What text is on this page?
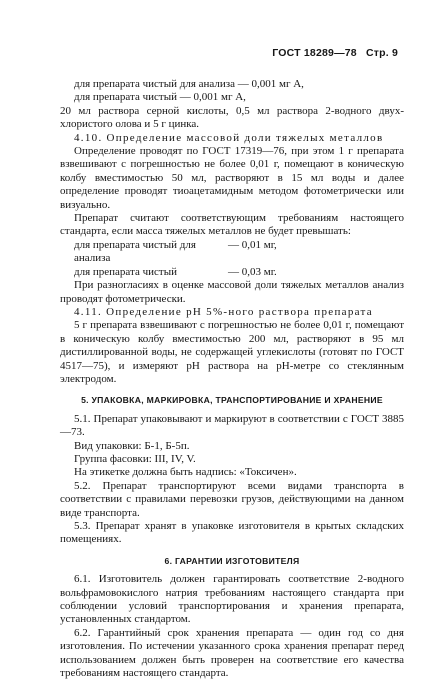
ГОСТ 18289—78 Стр. 9

для препарата чистый для анализа — 0,001 мг A,

для препарата чистый — 0,001 мг A,

20 мл раствора серной кислоты, 0,5 мл раствора 2-водного двух-хлористого олова и 5 г цинка.

4.10. Определение массовой доли тяжелых металлов

Определение проводят по ГОСТ 17319—76, при этом 1 г препарата взвешивают с погрешностью не более 0,01 г, помещают в коническую колбу вместимостью 50 мл, растворяют в 15 мл воды и далее определение проводят тиоацетамидным методом фотометрически или визуально.

Препарат считают соответствующим требованиям настоящего стандарта, если масса тяжелых металлов не будет превышать:

для препарата чистый для анализа
— 0,01 мг,
для препарата чистый	— 0,03 мг.

При разногласиях в оценке массовой доли тяжелых металлов анализ проводят фотометрически.

4.11. Определение pH 5%-ного раствора препарата

5 г препарата взвешивают с погрешностью не более 0,01 г, помещают в коническую колбу вместимостью 200 мл, растворяют в 95 мл дистиллированной воды, не содержащей углекислоты (готовят по ГОСТ 4517—75), и измеряют pH раствора на pH-метре со стеклянным электродом.

5. УПАКОВКА, МАРКИРОВКА, ТРАНСПОРТИРОВАНИЕ И ХРАНЕНИЕ

5.1. Препарат упаковывают и маркируют в соответствии с ГОСТ 3885—73.

Вид упаковки: Б-1, Б-5п.

Группа фасовки: III, IV, V.

На этикетке должна быть надпись: «Токсичен».

5.2. Препарат транспортируют всеми видами транспорта в соответствии с правилами перевозки грузов, действующими на данном виде транспорта.

5.3. Препарат хранят в упаковке изготовителя в крытых складских помещениях.

6. ГАРАНТИИ ИЗГОТОВИТЕЛЯ

6.1. Изготовитель должен гарантировать соответствие 2-водного вольфрамовокислого натрия требованиям настоящего стандарта при соблюдении условий транспортирования и хранения препарата, установленных стандартом.

6.2. Гарантийный срок хранения препарата — один год со дня изготовления. По истечении указанного срока хранения препарат перед использованием должен быть проверен на соответствие его качества требованиям настоящего стандарта.
